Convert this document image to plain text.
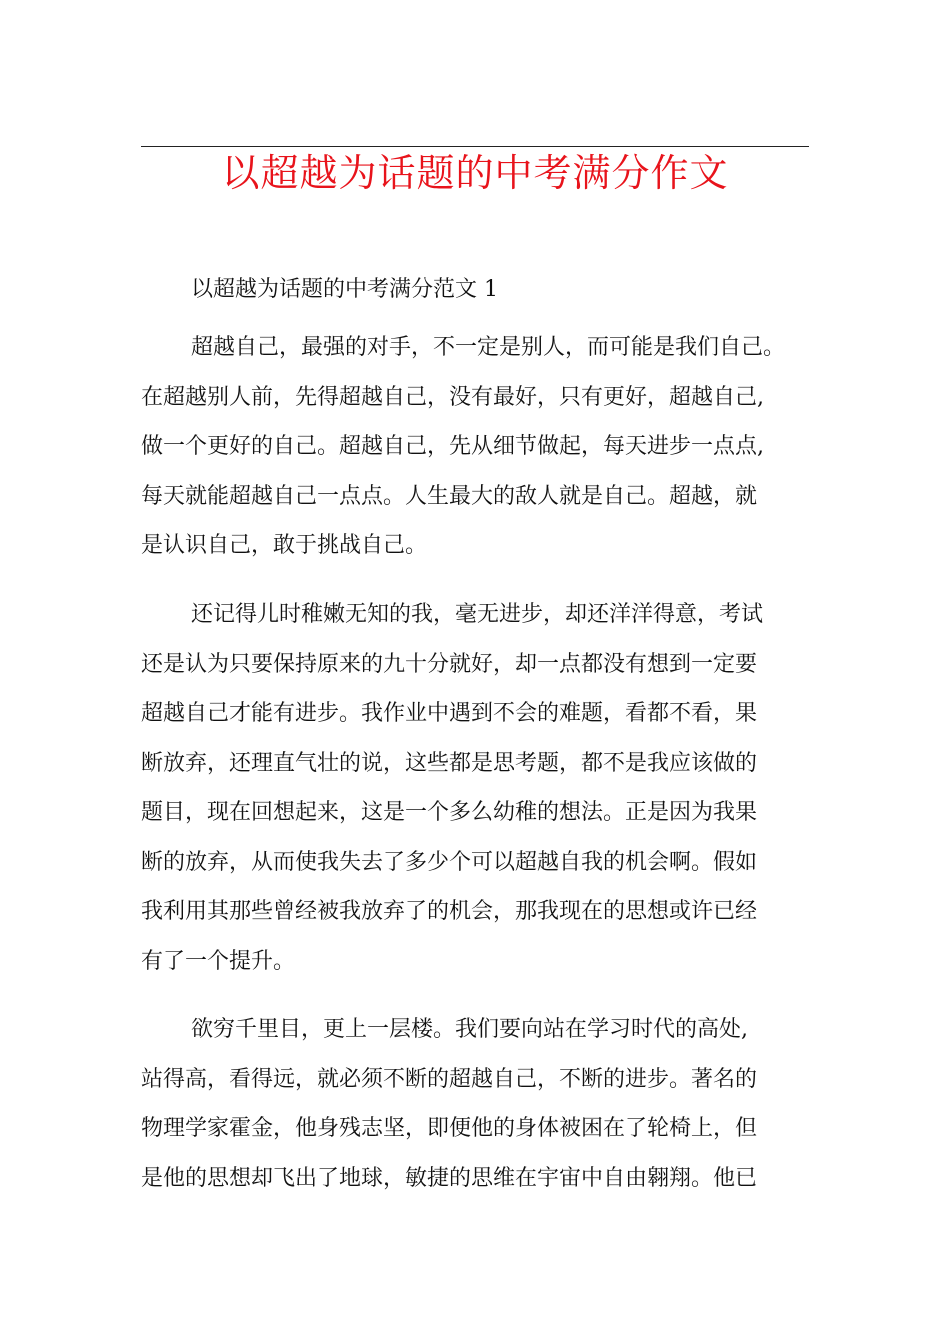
以超越为话题的中考满分作文
以超越为话题的中考满分范文 1
超越自己，最强的对手，不一定是别人，而可能是我们自己。
在超越别人前，先得超越自己，没有最好，只有更好，超越自己,
做一个更好的自己。超越自己，先从细节做起，每天进步一点点,
每天就能超越自己一点点。人生最大的敌人就是自己。超越，就
是认识自己，敢于挑战自己。
还记得儿时稚嫩无知的我，毫无进步，却还洋洋得意，考试
还是认为只要保持原来的九十分就好，却一点都没有想到一定要
超越自己才能有进步。我作业中遇到不会的难题，看都不看，果
断放弃，还理直气壮的说，这些都是思考题，都不是我应该做的
题目，现在回想起来，这是一个多么幼稚的想法。正是因为我果
断的放弃，从而使我失去了多少个可以超越自我的机会啊。假如
我利用其那些曾经被我放弃了的机会，那我现在的思想或许已经
有了一个提升。
欲穷千里目，更上一层楼。我们要向站在学习时代的高处,
站得高，看得远，就必须不断的超越自己，不断的进步。著名的
物理学家霍金，他身残志坚，即便他的身体被困在了轮椅上，但
是他的思想却飞出了地球，敏捷的思维在宇宙中自由翱翔。他已
